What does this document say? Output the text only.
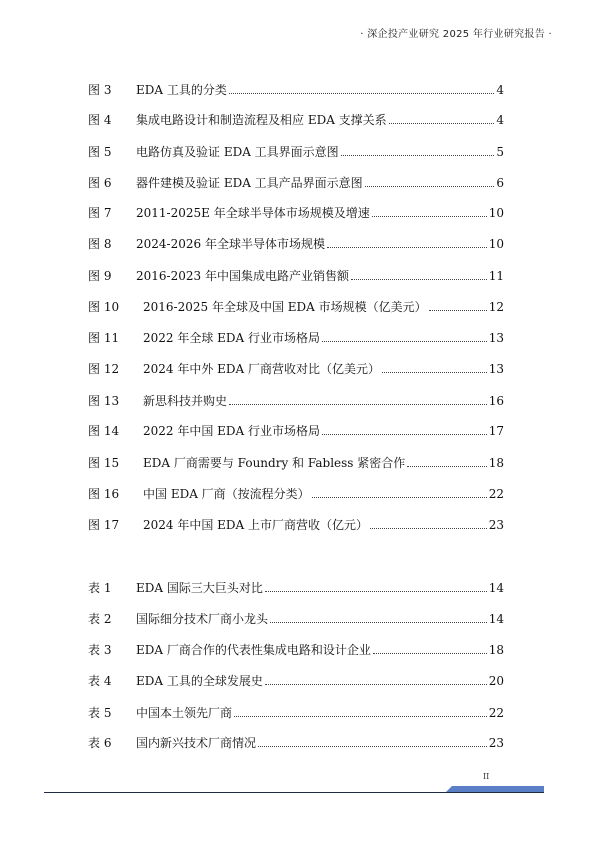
· 深企投产业研究 2025 年行业研究报告 ·
图 3	EDA 工具的分类	4
图 4	集成电路设计和制造流程及相应 EDA 支撑关系	4
图 5	电路仿真及验证 EDA 工具界面示意图	5
图 6	器件建模及验证 EDA 工具产品界面示意图	6
图 7	2011-2025E 年全球半导体市场规模及增速	10
图 8	2024-2026 年全球半导体市场规模	10
图 9	2016-2023 年中国集成电路产业销售额	11
图 10	2016-2025 年全球及中国 EDA 市场规模（亿美元）	12
图 11	2022 年全球 EDA 行业市场格局	13
图 12	2024 年中外 EDA 厂商营收对比（亿美元）	13
图 13	新思科技并购史	16
图 14	2022 年中国 EDA 行业市场格局	17
图 15	EDA 厂商需要与 Foundry 和 Fabless 紧密合作	18
图 16	中国 EDA 厂商（按流程分类）	22
图 17	2024 年中国 EDA 上市厂商营收（亿元）	23
表 1	EDA 国际三大巨头对比	14
表 2	国际细分技术厂商小龙头	14
表 3	EDA 厂商合作的代表性集成电路和设计企业	18
表 4	EDA 工具的全球发展史	20
表 5	中国本土领先厂商	22
表 6	国内新兴技术厂商情况	23
II
